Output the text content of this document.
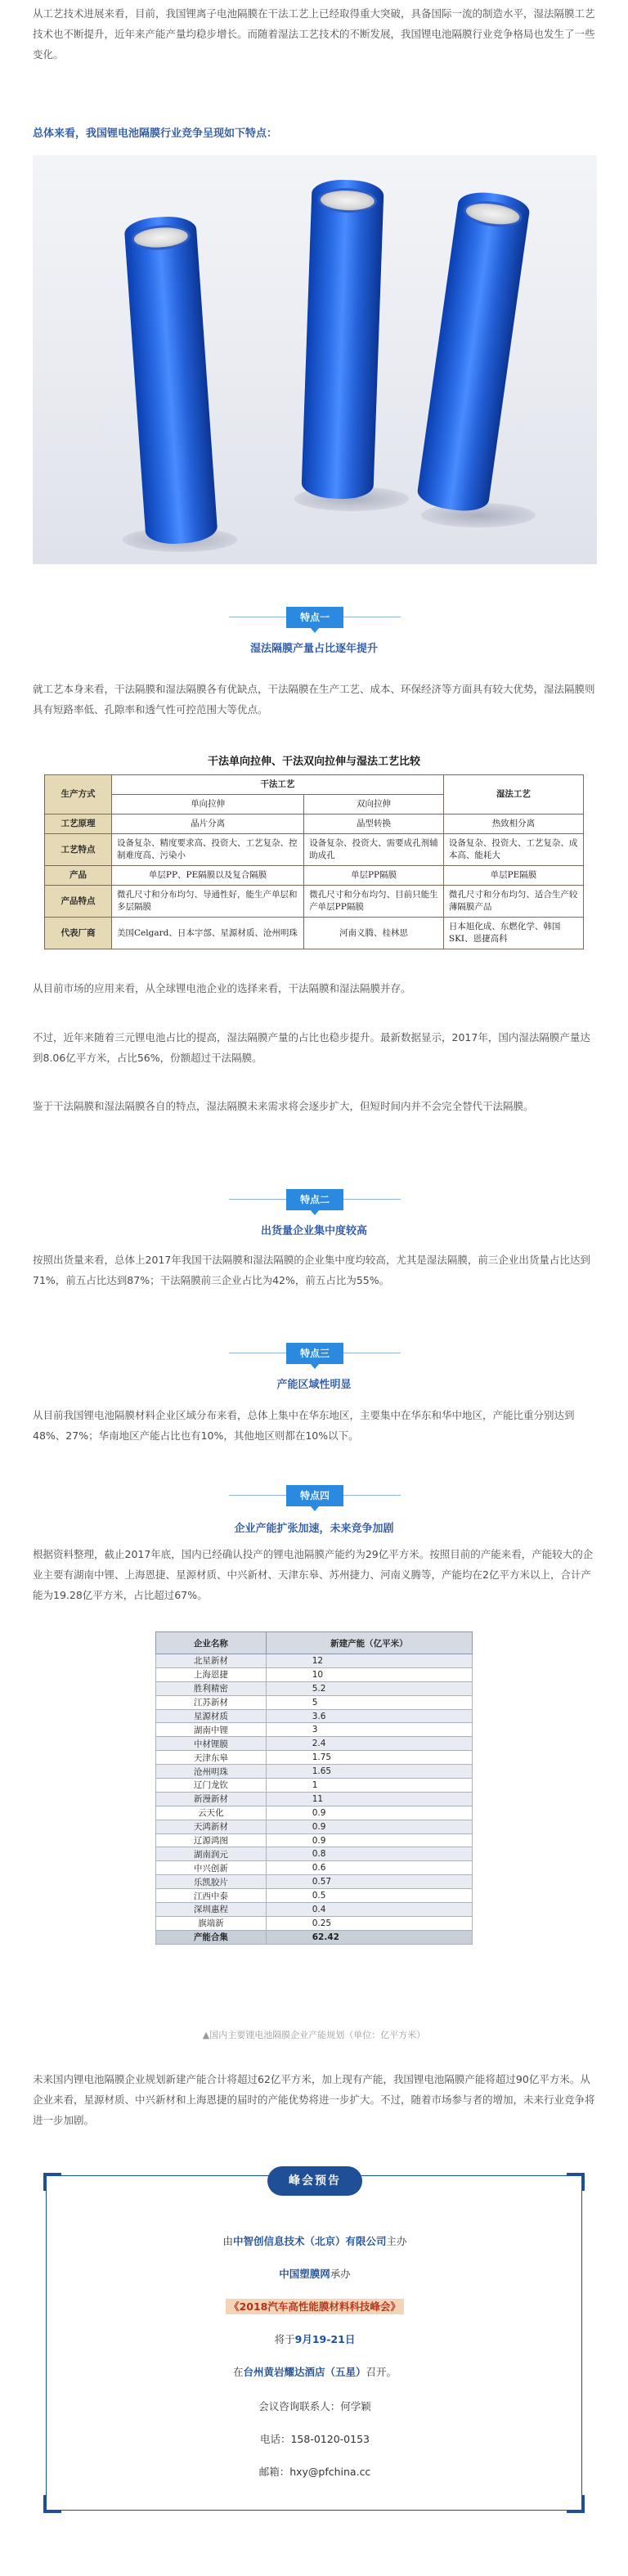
从工艺技术进展来看，目前，我国锂离子电池隔膜在干法工艺上已经取得重大突破，具备国际一流的制造水平，湿法隔膜工艺技术也不断提升，近年来产能产量均稳步增长。而随着湿法工艺技术的不断发展，我国锂电池隔膜行业竞争格局也发生了一些变化。
总体来看，我国锂电池隔膜行业竞争呈现如下特点：
特点一
湿法隔膜产量占比逐年提升
就工艺本身来看，干法隔膜和湿法隔膜各有优缺点，干法隔膜在生产工艺、成本、环保经济等方面具有较大优势，湿法隔膜则具有短路率低、孔隙率和透气性可控范围大等优点。
干法单向拉伸、干法双向拉伸与湿法工艺比较
生产方式	干法工艺		湿法工艺
	单向拉伸	双向拉伸	
工艺原理	晶片分离	晶型转换	热致相分离
工艺特点	设备复杂、精度要求高、投资大、工艺复杂、控制难度高、污染小	设备复杂、投资大、需要成孔剂辅助成孔	设备复杂、投资大、工艺复杂、成本高、能耗大
产品	单层PP、PE隔膜以及复合隔膜	单层PP隔膜	单层PE隔膜
产品特点	微孔尺寸和分布均匀、导通性好，能生产单层和多层隔膜	微孔尺寸和分布均匀、目前只能生产单层PP隔膜	微孔尺寸和分布均匀、适合生产较薄隔膜产品
代表厂商	美国Celgard、日本宇部、星源材质、沧州明珠	河南义腾、桂林思	日本旭化成、东燃化学、韩国SKI、恩捷高科
从目前市场的应用来看，从全球锂电池企业的选择来看，干法隔膜和湿法隔膜并存。
不过，近年来随着三元锂电池占比的提高，湿法隔膜产量的占比也稳步提升。最新数据显示，2017年，国内湿法隔膜产量达到8.06亿平方米，占比56%，份额超过干法隔膜。
鉴于干法隔膜和湿法隔膜各自的特点，湿法隔膜未来需求将会逐步扩大，但短时间内并不会完全替代干法隔膜。
特点二
出货量企业集中度较高
按照出货量来看，总体上2017年我国干法隔膜和湿法隔膜的企业集中度均较高，尤其是湿法隔膜，前三企业出货量占比达到71%，前五占比达到87%；干法隔膜前三企业占比为42%，前五占比为55%。
特点三
产能区域性明显
从目前我国锂电池隔膜材料企业区域分布来看，总体上集中在华东地区，主要集中在华东和华中地区，产能比重分别达到48%、27%；华南地区产能占比也有10%，其他地区则都在10%以下。
特点四
企业产能扩张加速，未来竞争加剧
根据资料整理，截止2017年底，国内已经确认投产的锂电池隔膜产能约为29亿平方米。按照目前的产能来看，产能较大的企业主要有湖南中锂、上海恩捷、星源材质、中兴新材、天津东皋、苏州捷力、河南义腾等，产能均在2亿平方米以上，合计产能为19.28亿平方米，占比超过67%。
企业名称	新建产能（亿平米）
北星新材	12
上海恩捷	10
胜利精密	5.2
江苏新材	5
星源材质	3.6
湖南中锂	3
中材锂膜	2.4
天津东皋	1.75
沧州明珠	1.65
辽门龙钦	1
新漫新材	11
云天化	0.9
天鸿新材	0.9
辽源鸿图	0.9
湖南润元	0.8
中兴创新	0.6
乐凯胶片	0.57
江西中泰	0.5
深圳惠程	0.4
旗端新	0.25
产能合集	62.42
▲国内主要锂电池隔膜企业产能规划（单位：亿平方米）
未来国内锂电池隔膜企业规划新建产能合计将超过62亿平方米，加上现有产能，我国锂电池隔膜产能将超过90亿平方米。从企业来看，星源材质、中兴新材和上海恩捷的届时的产能优势将进一步扩大。不过，随着市场参与者的增加，未来行业竞争将进一步加剧。
峰会预告
由中智创信息技术（北京）有限公司主办
中国塑膜网承办
《2018汽车高性能膜材料科技峰会》
将于9月19-21日
在台州黄岩耀达酒店（五星）召开。
会议咨询联系人：何学颖
电话：158-0120-0153
邮箱：hxy@pfchina.cc
